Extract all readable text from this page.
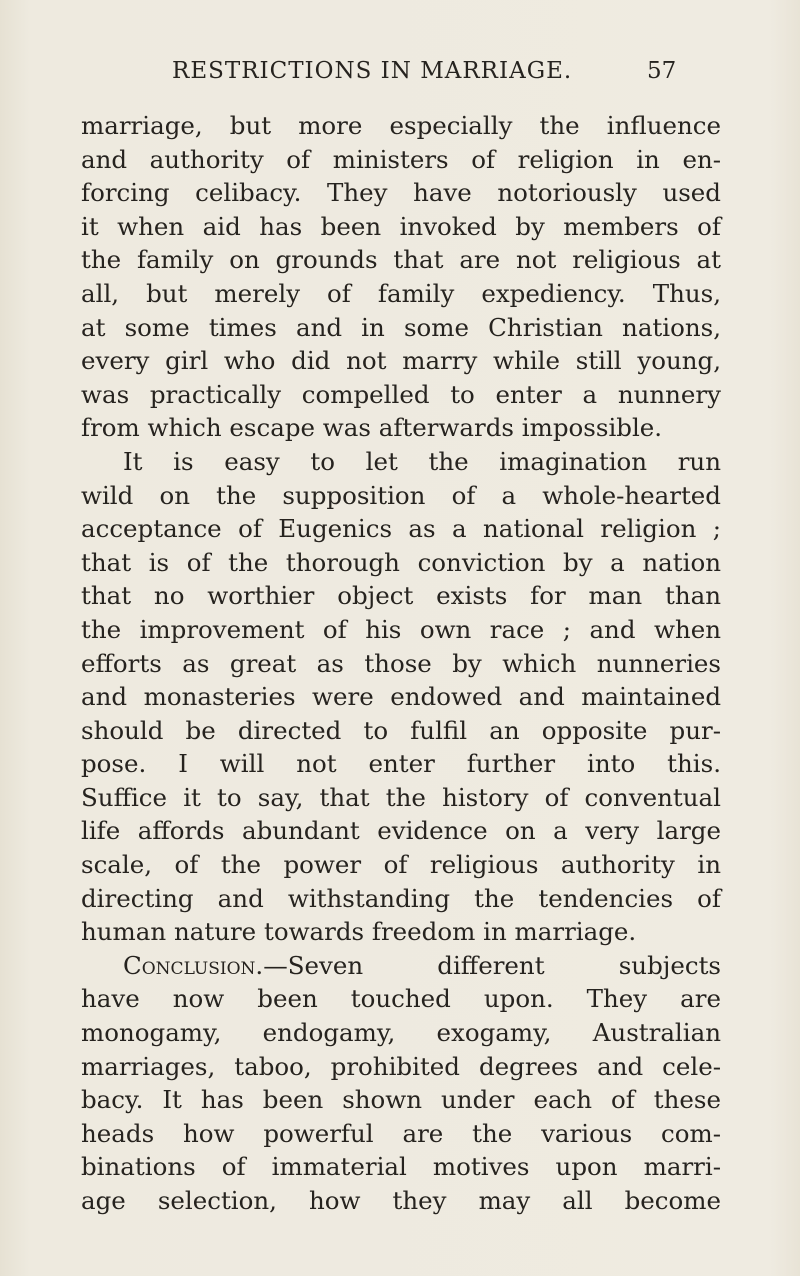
RESTRICTIONS IN MARRIAGE.	57
marriage, but more especially the influence
and authority of ministers of religion in en-
forcing celibacy. They have notoriously used
it when aid has been invoked by members of
the family on grounds that are not religious at
all, but merely of family expediency. Thus,
at some times and in some Christian nations,
every girl who did not marry while still young,
was practically compelled to enter a nunnery
from which escape was afterwards impossible.
It is easy to let the imagination run
wild on the supposition of a whole-hearted
acceptance of Eugenics as a national religion ;
that is of the thorough conviction by a nation
that no worthier object exists for man than
the improvement of his own race ; and when
efforts as great as those by which nunneries
and monasteries were endowed and maintained
should be directed to fulfil an opposite pur-
pose. I will not enter further into this.
Suffice it to say, that the history of conventual
life affords abundant evidence on a very large
scale, of the power of religious authority in
directing and withstanding the tendencies of
human nature towards freedom in marriage.
Conclusion.—Seven different subjects
have now been touched upon. They are
monogamy, endogamy, exogamy, Australian
marriages, taboo, prohibited degrees and cele-
bacy. It has been shown under each of these
heads how powerful are the various com-
binations of immaterial motives upon marri-
age selection, how they may all become
